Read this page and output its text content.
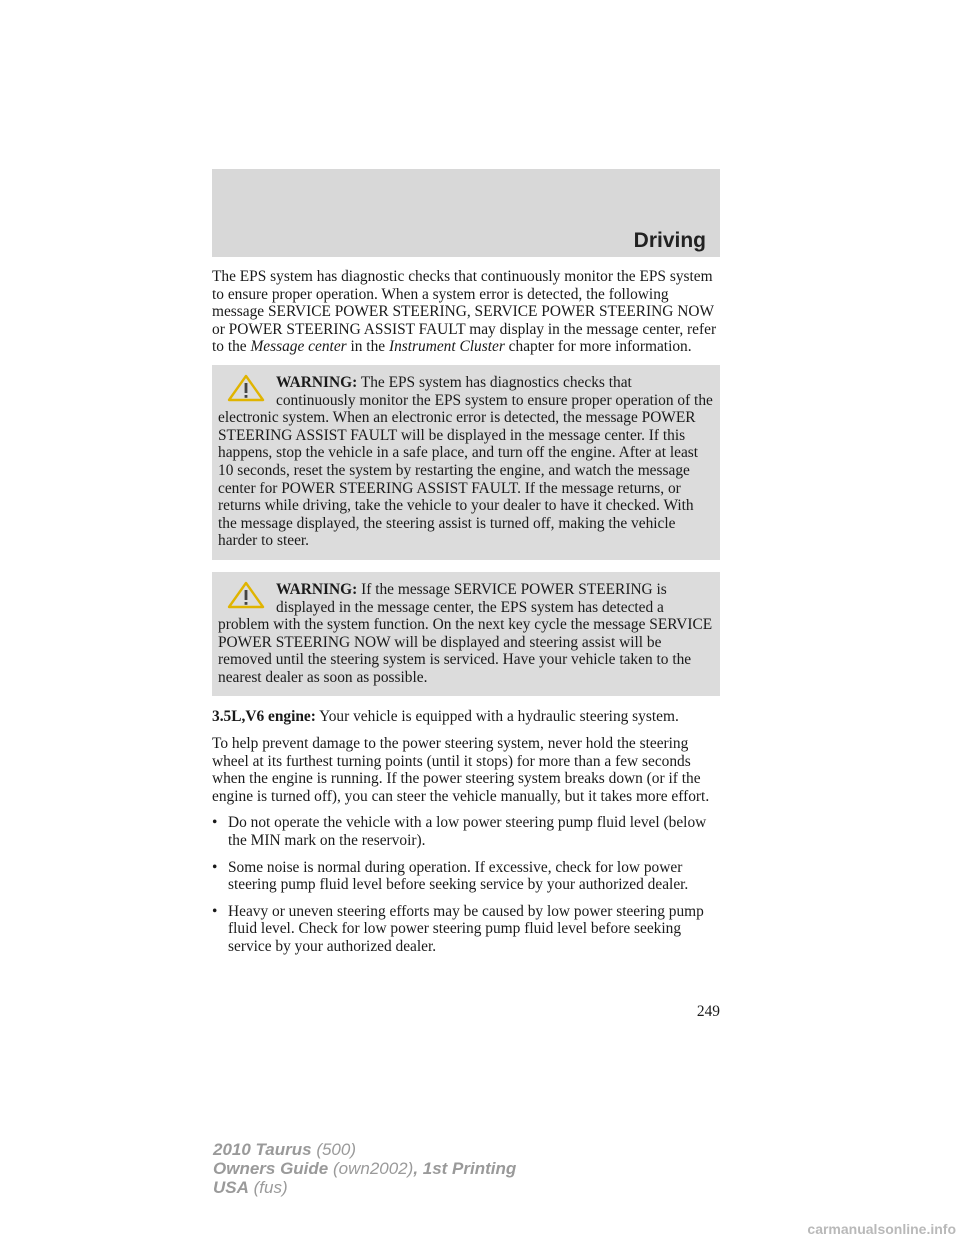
Driving

The EPS system has diagnostic checks that continuously monitor the EPS system to ensure proper operation. When a system error is detected, the following message SERVICE POWER STEERING, SERVICE POWER STEERING NOW or POWER STEERING ASSIST FAULT may display in the message center, refer to the Message center in the Instrument Cluster chapter for more information.

WARNING: The EPS system has diagnostics checks that continuously monitor the EPS system to ensure proper operation of the electronic system. When an electronic error is detected, the message POWER STEERING ASSIST FAULT will be displayed in the message center. If this happens, stop the vehicle in a safe place, and turn off the engine. After at least 10 seconds, reset the system by restarting the engine, and watch the message center for POWER STEERING ASSIST FAULT. If the message returns, or returns while driving, take the vehicle to your dealer to have it checked. With the message displayed, the steering assist is turned off, making the vehicle harder to steer.
WARNING: If the message SERVICE POWER STEERING is displayed in the message center, the EPS system has detected a problem with the system function. On the next key cycle the message SERVICE POWER STEERING NOW will be displayed and steering assist will be removed until the steering system is serviced. Have your vehicle taken to the nearest dealer as soon as possible.

3.5L,V6 engine: Your vehicle is equipped with a hydraulic steering system.

To help prevent damage to the power steering system, never hold the steering wheel at its furthest turning points (until it stops) for more than a few seconds when the engine is running. If the power steering system breaks down (or if the engine is turned off), you can steer the vehicle manually, but it takes more effort.

• Do not operate the vehicle with a low power steering pump fluid level (below the MIN mark on the reservoir).
• Some noise is normal during operation. If excessive, check for low power steering pump fluid level before seeking service by your authorized dealer.
• Heavy or uneven steering efforts may be caused by low power steering pump fluid level. Check for low power steering pump fluid level before seeking service by your authorized dealer.
249
2010 Taurus (500)
Owners Guide (own2002), 1st Printing
USA (fus)
carmanualsonline.info
